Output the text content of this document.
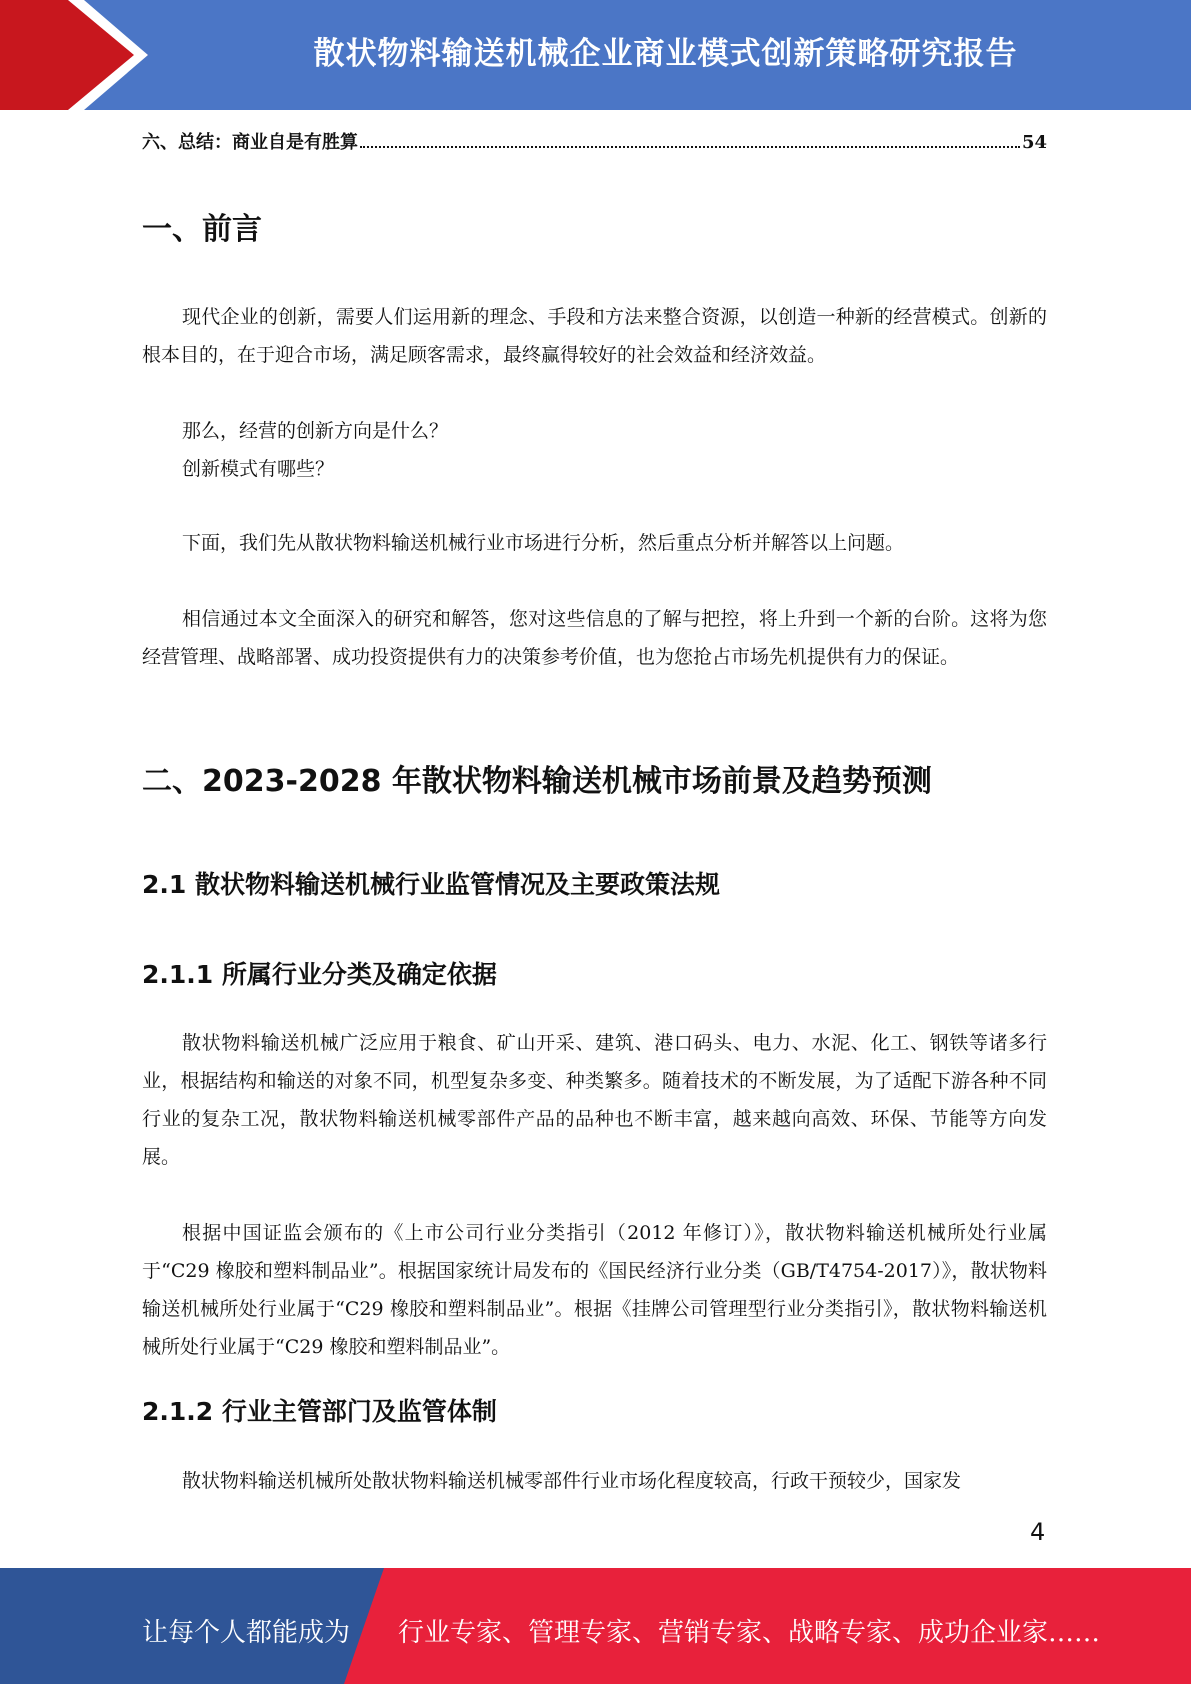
散状物料输送机械企业商业模式创新策略研究报告
六、总结：商业自是有胜算	54
一、前言

现代企业的创新，需要人们运用新的理念、手段和方法来整合资源，以创造一种新的经营模式。创新的根本目的，在于迎合市场，满足顾客需求，最终赢得较好的社会效益和经济效益。

那么，经营的创新方向是什么？

创新模式有哪些？

下面，我们先从散状物料输送机械行业市场进行分析，然后重点分析并解答以上问题。

相信通过本文全面深入的研究和解答，您对这些信息的了解与把控，将上升到一个新的台阶。这将为您经营管理、战略部署、成功投资提供有力的决策参考价值，也为您抢占市场先机提供有力的保证。

二、2023-2028 年散状物料输送机械市场前景及趋势预测
2.1 散状物料输送机械行业监管情况及主要政策法规
2.1.1 所属行业分类及确定依据

散状物料输送机械广泛应用于粮食、矿山开采、建筑、港口码头、电力、水泥、化工、钢铁等诸多行业，根据结构和输送的对象不同，机型复杂多变、种类繁多。随着技术的不断发展，为了适配下游各种不同行业的复杂工况，散状物料输送机械零部件产品的品种也不断丰富，越来越向高效、环保、节能等方向发展。

根据中国证监会颁布的《上市公司行业分类指引（2012 年修订）》，散状物料输送机械所处行业属于“C29 橡胶和塑料制品业”。根据国家统计局发布的《国民经济行业分类（GB/T4754-2017）》，散状物料输送机械所处行业属于“C29 橡胶和塑料制品业”。根据《挂牌公司管理型行业分类指引》，散状物料输送机械所处行业属于“C29 橡胶和塑料制品业”。

2.1.2 行业主管部门及监管体制

散状物料输送机械所处散状物料输送机械零部件行业市场化程度较高，行政干预较少，国家发

4
让每个人都能成为 行业专家、管理专家、营销专家、战略专家、成功企业家……
